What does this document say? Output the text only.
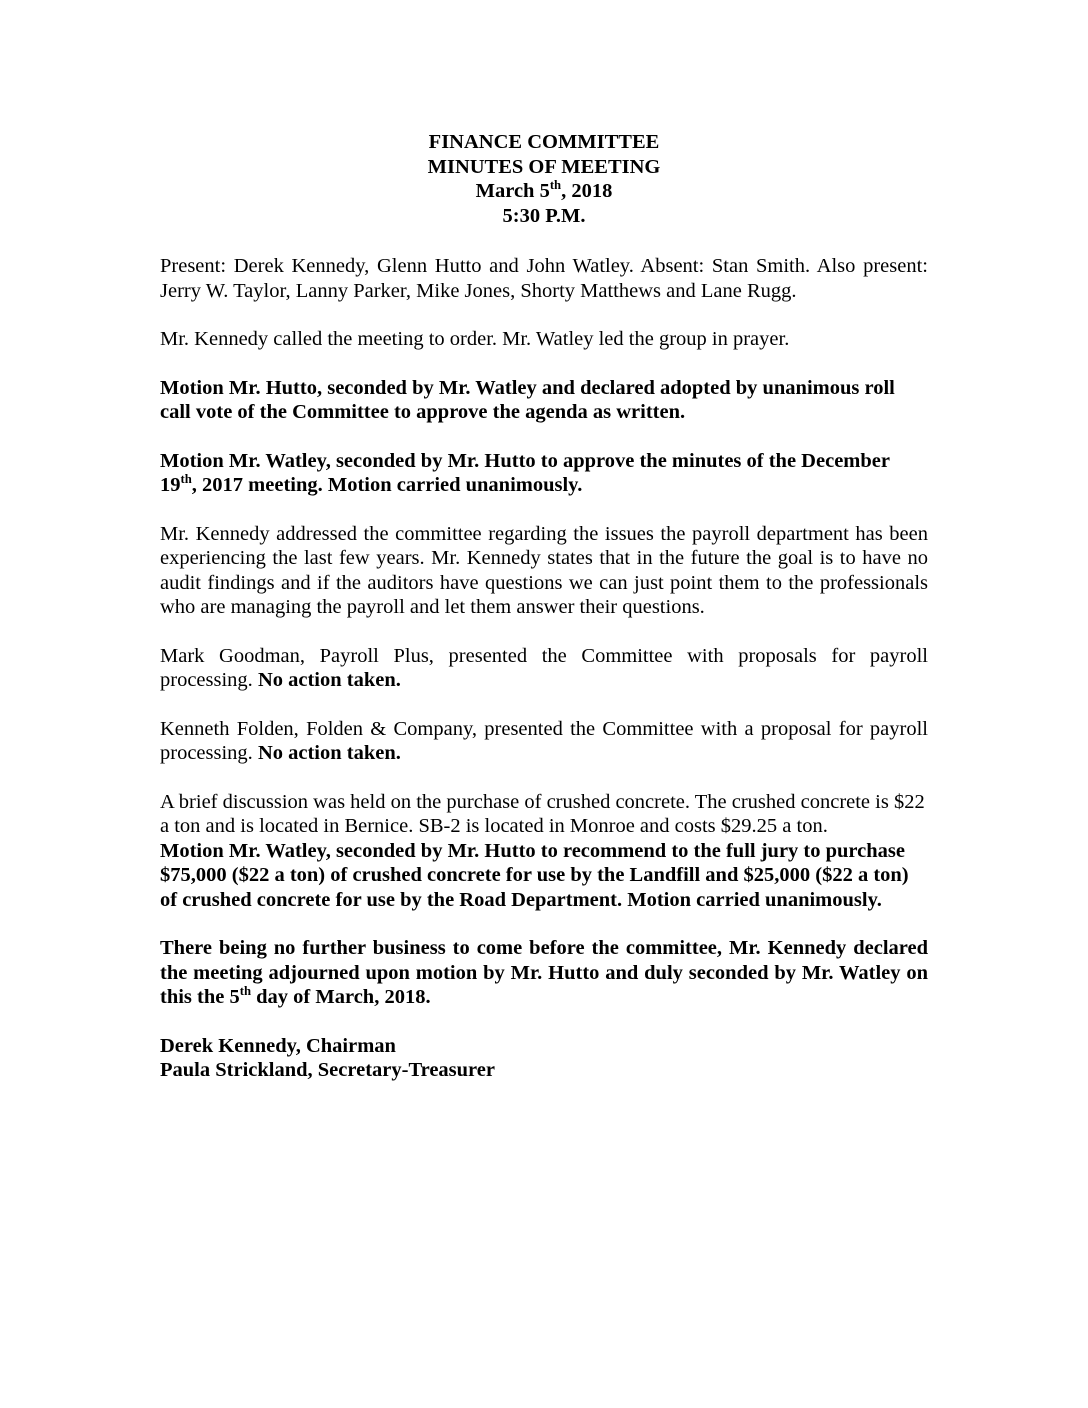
FINANCE COMMITTEE
MINUTES OF MEETING
March 5th, 2018
5:30 P.M.

Present: Derek Kennedy, Glenn Hutto and John Watley. Absent: Stan Smith. Also present: Jerry W. Taylor, Lanny Parker, Mike Jones, Shorty Matthews and Lane Rugg.

Mr. Kennedy called the meeting to order. Mr. Watley led the group in prayer.

Motion Mr. Hutto, seconded by Mr. Watley and declared adopted by unanimous roll call vote of the Committee to approve the agenda as written.

Motion Mr. Watley, seconded by Mr. Hutto to approve the minutes of the December 19th, 2017 meeting. Motion carried unanimously.

Mr. Kennedy addressed the committee regarding the issues the payroll department has been experiencing the last few years. Mr. Kennedy states that in the future the goal is to have no audit findings and if the auditors have questions we can just point them to the professionals who are managing the payroll and let them answer their questions.

Mark Goodman, Payroll Plus, presented the Committee with proposals for payroll processing. No action taken.

Kenneth Folden, Folden & Company, presented the Committee with a proposal for payroll processing. No action taken.

A brief discussion was held on the purchase of crushed concrete. The crushed concrete is $22 a ton and is located in Bernice. SB-2 is located in Monroe and costs $29.25 a ton.
Motion Mr. Watley, seconded by Mr. Hutto to recommend to the full jury to purchase $75,000 ($22 a ton) of crushed concrete for use by the Landfill and $25,000 ($22 a ton) of crushed concrete for use by the Road Department. Motion carried unanimously.

There being no further business to come before the committee, Mr. Kennedy declared the meeting adjourned upon motion by Mr. Hutto and duly seconded by Mr. Watley on this the 5th day of March, 2018.

Derek Kennedy, Chairman
Paula Strickland, Secretary-Treasurer
